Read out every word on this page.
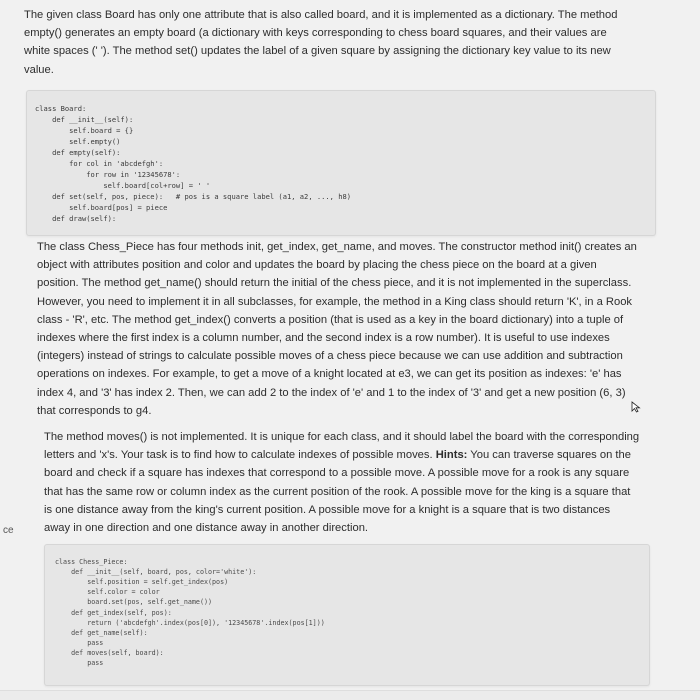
The given class Board has only one attribute that is also called board, and it is implemented as a dictionary. The method
empty() generates an empty board (a dictionary with keys corresponding to chess board squares, and their values are
white spaces (' '). The method set() updates the label of a given square by assigning the dictionary key value to its new
value.
class Board:
def __init__(self):
self.board = {}
self.empty()
def empty(self):
for col in 'abcdefgh':
for row in '12345678':
self.board[col+row] = ' '
def set(self, pos, piece):   # pos is a square label (a1, a2, ..., h8)
self.board[pos] = piece
def draw(self):
The class Chess_Piece has four methods init, get_index, get_name, and moves. The constructor method init() creates an
object with attributes position and color and updates the board by placing the chess piece on the board at a given
position. The method get_name() should return the initial of the chess piece, and it is not implemented in the superclass.
However, you need to implement it in all subclasses, for example, the method in a King class should return 'K', in a Rook
class - 'R', etc. The method get_index() converts a position (that is used as a key in the board dictionary) into a tuple of
indexes where the first index is a column number, and the second index is a row number). It is useful to use indexes
(integers) instead of strings to calculate possible moves of a chess piece because we can use addition and subtraction
operations on indexes. For example, to get a move of a knight located at e3, we can get its position as indexes: 'e' has
index 4, and '3' has index 2. Then, we can add 2 to the index of 'e' and 1 to the index of '3' and get a new position (6, 3)
that corresponds to g4.
The method moves() is not implemented. It is unique for each class, and it should label the board with the corresponding
letters and 'x's. Your task is to find how to calculate indexes of possible moves. Hints: You can traverse squares on the
board and check if a square has indexes that correspond to a possible move. A possible move for a rook is any square
that has the same row or column index as the current position of the rook. A possible move for the king is a square that
is one distance away from the king's current position. A possible move for a knight is a square that is two distances
away in one direction and one distance away in another direction.
ce
class Chess_Piece:
def __init__(self, board, pos, color='white'):
self.position = self.get_index(pos)
self.color = color
board.set(pos, self.get_name())
def get_index(self, pos):
return ('abcdefgh'.index(pos[0]), '12345678'.index(pos[1]))
def get_name(self):
pass
def moves(self, board):
pass
